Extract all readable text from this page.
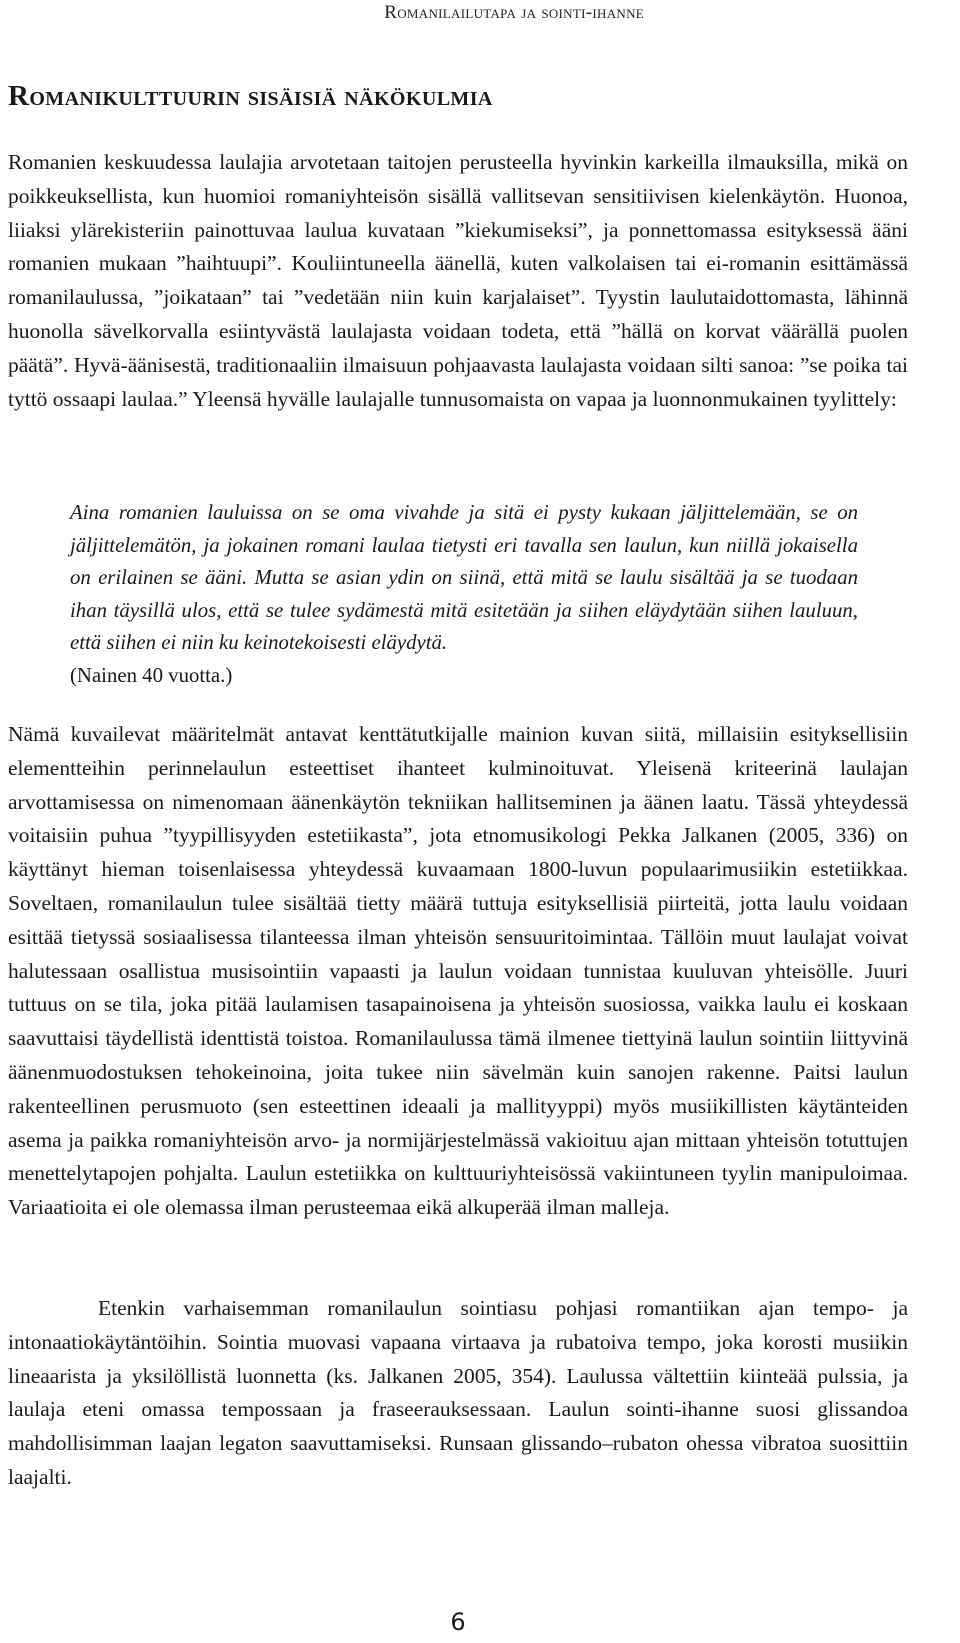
Romanilailutapa ja sointi-ihanne
Romanikulttuurin sisäisiä näkökulmia

Romanien keskuudessa laulajia arvotetaan taitojen perusteella hyvinkin karkeilla ilmauksilla, mikä on poikkeuksellista, kun huomioi romaniyhteisön sisällä vallitsevan sensitiivisen kielenkäytön. Huonoa, liiaksi ylärekisteriin painottuvaa laulua kuvataan ”kiekumiseksi”, ja ponnettomassa esityksessä ääni romanien mukaan ”haihtuupi”. Kouliintuneella äänellä, kuten valkolaisen tai ei-romanin esittämässä romanilaulussa, ”joikataan” tai ”vedetään niin kuin karjalaiset”. Tyystin laulutaidottomasta, lähinnä huonolla sävelkorvalla esiintyvästä laulajasta voidaan todeta, että ”hällä on korvat väärällä puolen päätä”. Hyvä-äänisestä, traditionaaliin ilmaisuun pohjaavasta laulajasta voidaan silti sanoa: ”se poika tai tyttö ossaapi laulaa.” Yleensä hyvälle laulajalle tunnusomaista on vapaa ja luonnonmukainen tyylittely:

Aina romanien lauluissa on se oma vivahde ja sitä ei pysty kukaan jäljittelemään, se on jäljittelemätön, ja jokainen romani laulaa tietysti eri tavalla sen laulun, kun niillä jokaisella on erilainen se ääni. Mutta se asian ydin on siinä, että mitä se laulu sisältää ja se tuodaan ihan täysillä ulos, että se tulee sydämestä mitä esitetään ja siihen eläydytään siihen lauluun, että siihen ei niin ku keinotekoisesti eläydytä.
(Nainen 40 vuotta.)

Nämä kuvailevat määritelmät antavat kenttätutkijalle mainion kuvan siitä, millaisiin esityksellisiin elementteihin perinnelaulun esteettiset ihanteet kulminoituvat. Yleisenä kriteerinä laulajan arvottamisessa on nimenomaan äänenkäytön tekniikan hallitseminen ja äänen laatu. Tässä yhteydessä voitaisiin puhua ”tyypillisyyden estetiikasta”, jota etnomusikologi Pekka Jalkanen (2005, 336) on käyttänyt hieman toisenlaisessa yhteydessä kuvaamaan 1800-luvun populaarimusiikin estetiikkaa. Soveltaen, romanilaulun tulee sisältää tietty määrä tuttuja esityksellisiä piirteitä, jotta laulu voidaan esittää tietyssä sosiaalisessa tilanteessa ilman yhteisön sensuuritoimintaa. Tällöin muut laulajat voivat halutessaan osallistua musisointiin vapaasti ja laulun voidaan tunnistaa kuuluvan yhteisölle. Juuri tuttuus on se tila, joka pitää laulamisen tasapainoisena ja yhteisön suosiossa, vaikka laulu ei koskaan saavuttaisi täydellistä identtistä toistoa. Romanilaulussa tämä ilmenee tiettyinä laulun sointiin liittyvinä äänenmuodostuksen tehokeinoina, joita tukee niin sävelmän kuin sanojen rakenne. Paitsi laulun rakenteellinen perusmuoto (sen esteettinen ideaali ja mallityyppi) myös musiikillisten käytänteiden asema ja paikka romaniyhteisön arvo- ja normijärjestelmässä vakioituu ajan mittaan yhteisön totuttujen menettelytapojen pohjalta. Laulun estetiikka on kulttuuriyhteisössä vakiintuneen tyylin manipuloimaa. Variaatioita ei ole olemassa ilman perusteemaa eikä alkuperää ilman malleja.

Etenkin varhaisemman romanilaulun sointiasu pohjasi romantiikan ajan tempo- ja intonaatiokäytäntöihin. Sointia muovasi vapaana virtaava ja rubatoiva tempo, joka korosti musiikin lineaarista ja yksilöllistä luonnetta (ks. Jalkanen 2005, 354). Laulussa vältettiin kiinteää pulssia, ja laulaja eteni omassa tempossaan ja fraseerauksessaan. Laulun sointi-ihanne suosi glissandoa mahdollisimman laajan legaton saavuttamiseksi. Runsaan glissando–rubaton ohessa vibratoa suosittiin laajalti.

6
